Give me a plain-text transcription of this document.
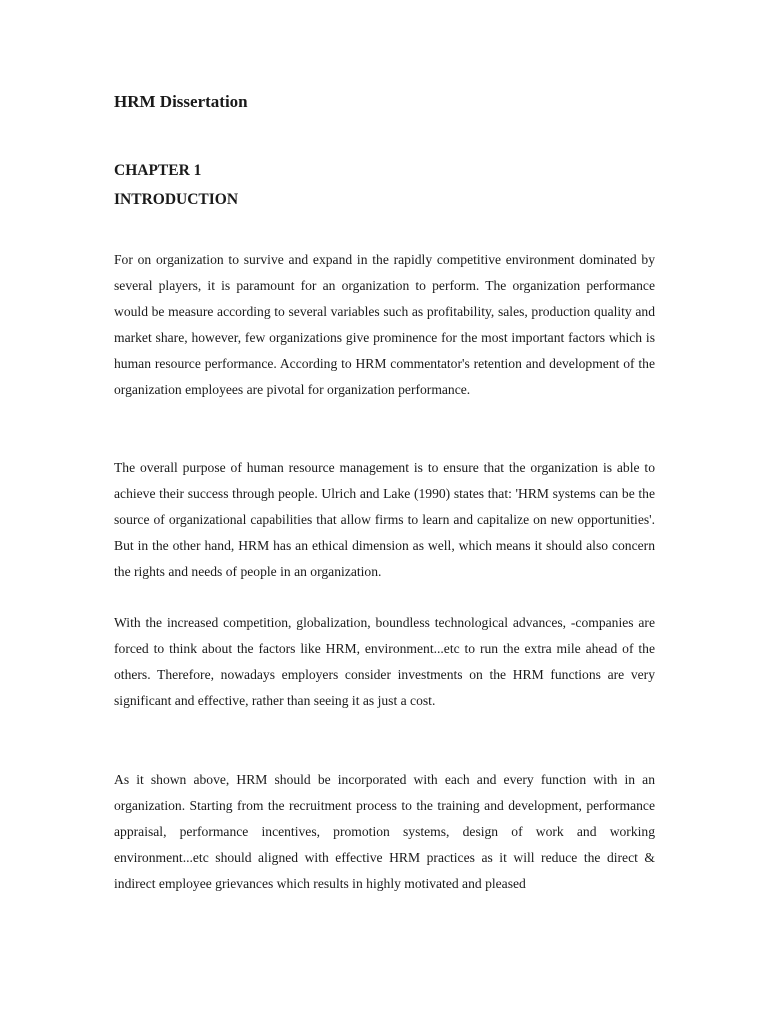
HRM Dissertation
CHAPTER 1
INTRODUCTION

For on organization to survive and expand in the rapidly competitive environment dominated by several players, it is paramount for an organization to perform. The organization performance would be measure according to several variables such as profitability, sales, production quality and market share, however, few organizations give prominence for the most important factors which is human resource performance. According to HRM commentator's retention and development of the organization employees are pivotal for organization performance.

The overall purpose of human resource management is to ensure that the organization is able to achieve their success through people. Ulrich and Lake (1990) states that: 'HRM systems can be the source of organizational capabilities that allow firms to learn and capitalize on new opportunities'. But in the other hand, HRM has an ethical dimension as well, which means it should also concern the rights and needs of people in an organization.

With the increased competition, globalization, boundless technological advances, -companies are forced to think about the factors like HRM, environment...etc to run the extra mile ahead of the others. Therefore, nowadays employers consider investments on the HRM functions are very significant and effective, rather than seeing it as just a cost.

As it shown above, HRM should be incorporated with each and every function with in an organization. Starting from the recruitment process to the training and development, performance appraisal, performance incentives, promotion systems, design of work and working environment...etc should aligned with effective HRM practices as it will reduce the direct & indirect employee grievances which results in highly motivated and pleased
